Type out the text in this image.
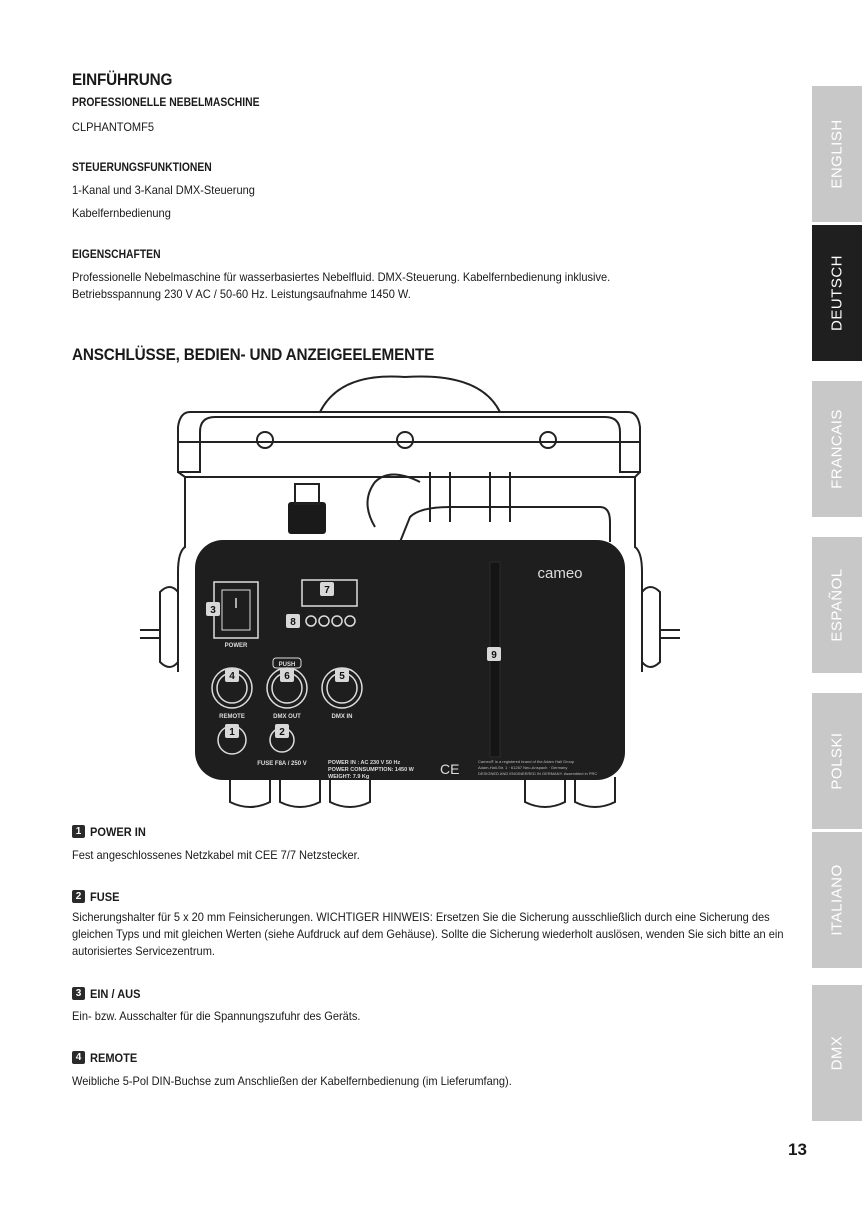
EINFÜHRUNG
PROFESSIONELLE NEBELMASCHINE
CLPHANTOMF5
STEUERUNGSFUNKTIONEN
1-Kanal und 3-Kanal DMX-Steuerung
Kabelfernbedienung
EIGENSCHAFTEN
Professionelle Nebelmaschine für wasserbasiertes Nebelfluid. DMX-Steuerung. Kabelfernbedienung inklusive.
Betriebsspannung 230 V AC / 50-60 Hz. Leistungsaufnahme 1450 W.
ANSCHLÜSSE, BEDIEN- UND ANZEIGEELEMENTE
POWER
PUSH
REMOTE	DMX OUT	DMX IN
FUSE F8A / 250 V	POWER IN : AC 230 V 50 Hz
POWER CONSUMPTION: 1450 W
WEIGHT: 7.9 Kg	CE	Cameo® is a registered brand of the Adam Hall Group
Adam-Hall-Str. 1 · 61267 Neu-Anspach · Germany
DESIGNED AND ENGINEERED IN GERMANY. Assembled in PRC
cameo
7
8
3
4	6	5
9
1	2
1 POWER IN
Fest angeschlossenes Netzkabel mit CEE 7/7 Netzstecker.
2 FUSE
Sicherungshalter für 5 x 20 mm Feinsicherungen. WICHTIGER HINWEIS: Ersetzen Sie die Sicherung ausschließlich durch eine Sicherung des gleichen Typs und mit gleichen Werten (siehe Aufdruck auf dem Gehäuse). Sollte die Sicherung wiederholt auslösen, wenden Sie sich bitte an ein autorisiertes Servicezentrum.
3 EIN / AUS
Ein- bzw. Ausschalter für die Spannungszufuhr des Geräts.
4 REMOTE
Weibliche 5-Pol DIN-Buchse zum Anschließen der Kabelfernbedienung (im Lieferumfang).
ENGLISH
DEUTSCH
FRANCAIS
ESPAÑOL
POLSKI
ITALIANO
DMX
13
